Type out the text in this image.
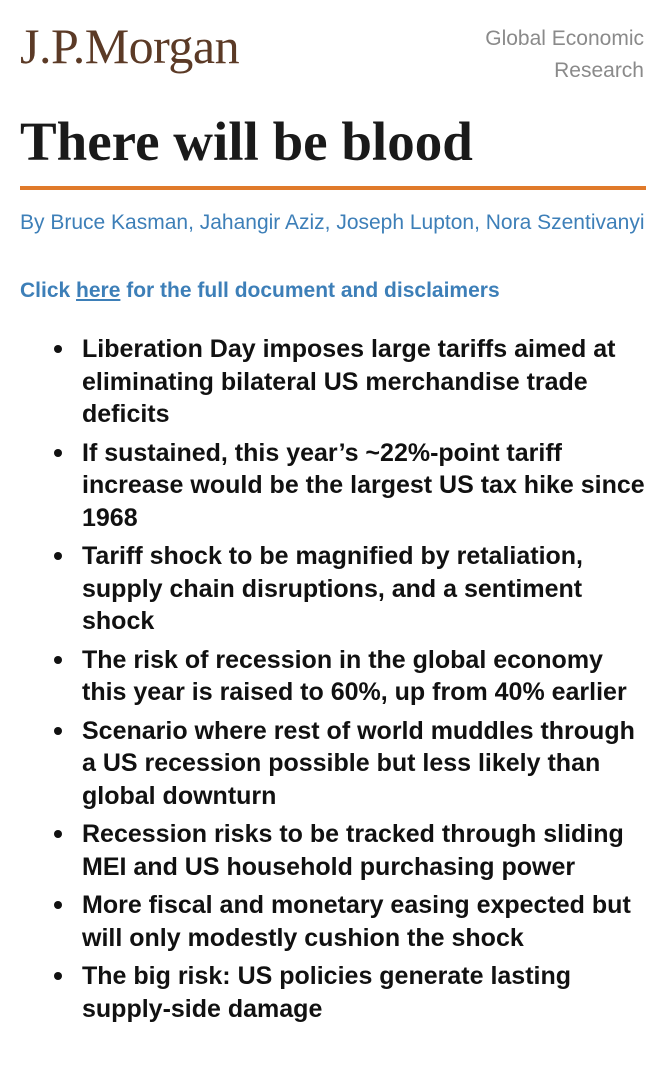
J.P.Morgan	Global Economic
Research
There will be blood
By Bruce Kasman, Jahangir Aziz, Joseph Lupton, Nora Szentivanyi
Click here for the full document and disclaimers
Liberation Day imposes large tariffs aimed at eliminating bilateral US merchandise trade deficits
If sustained, this year’s ~22%-point tariff increase would be the largest US tax hike since 1968
Tariff shock to be magnified by retaliation, supply chain disruptions, and a sentiment shock
The risk of recession in the global economy this year is raised to 60%, up from 40% earlier
Scenario where rest of world muddles through a US recession possible but less likely than global downturn
Recession risks to be tracked through sliding MEI and US household purchasing power
More fiscal and monetary easing expected but will only modestly cushion the shock
The big risk: US policies generate lasting supply-side damage
